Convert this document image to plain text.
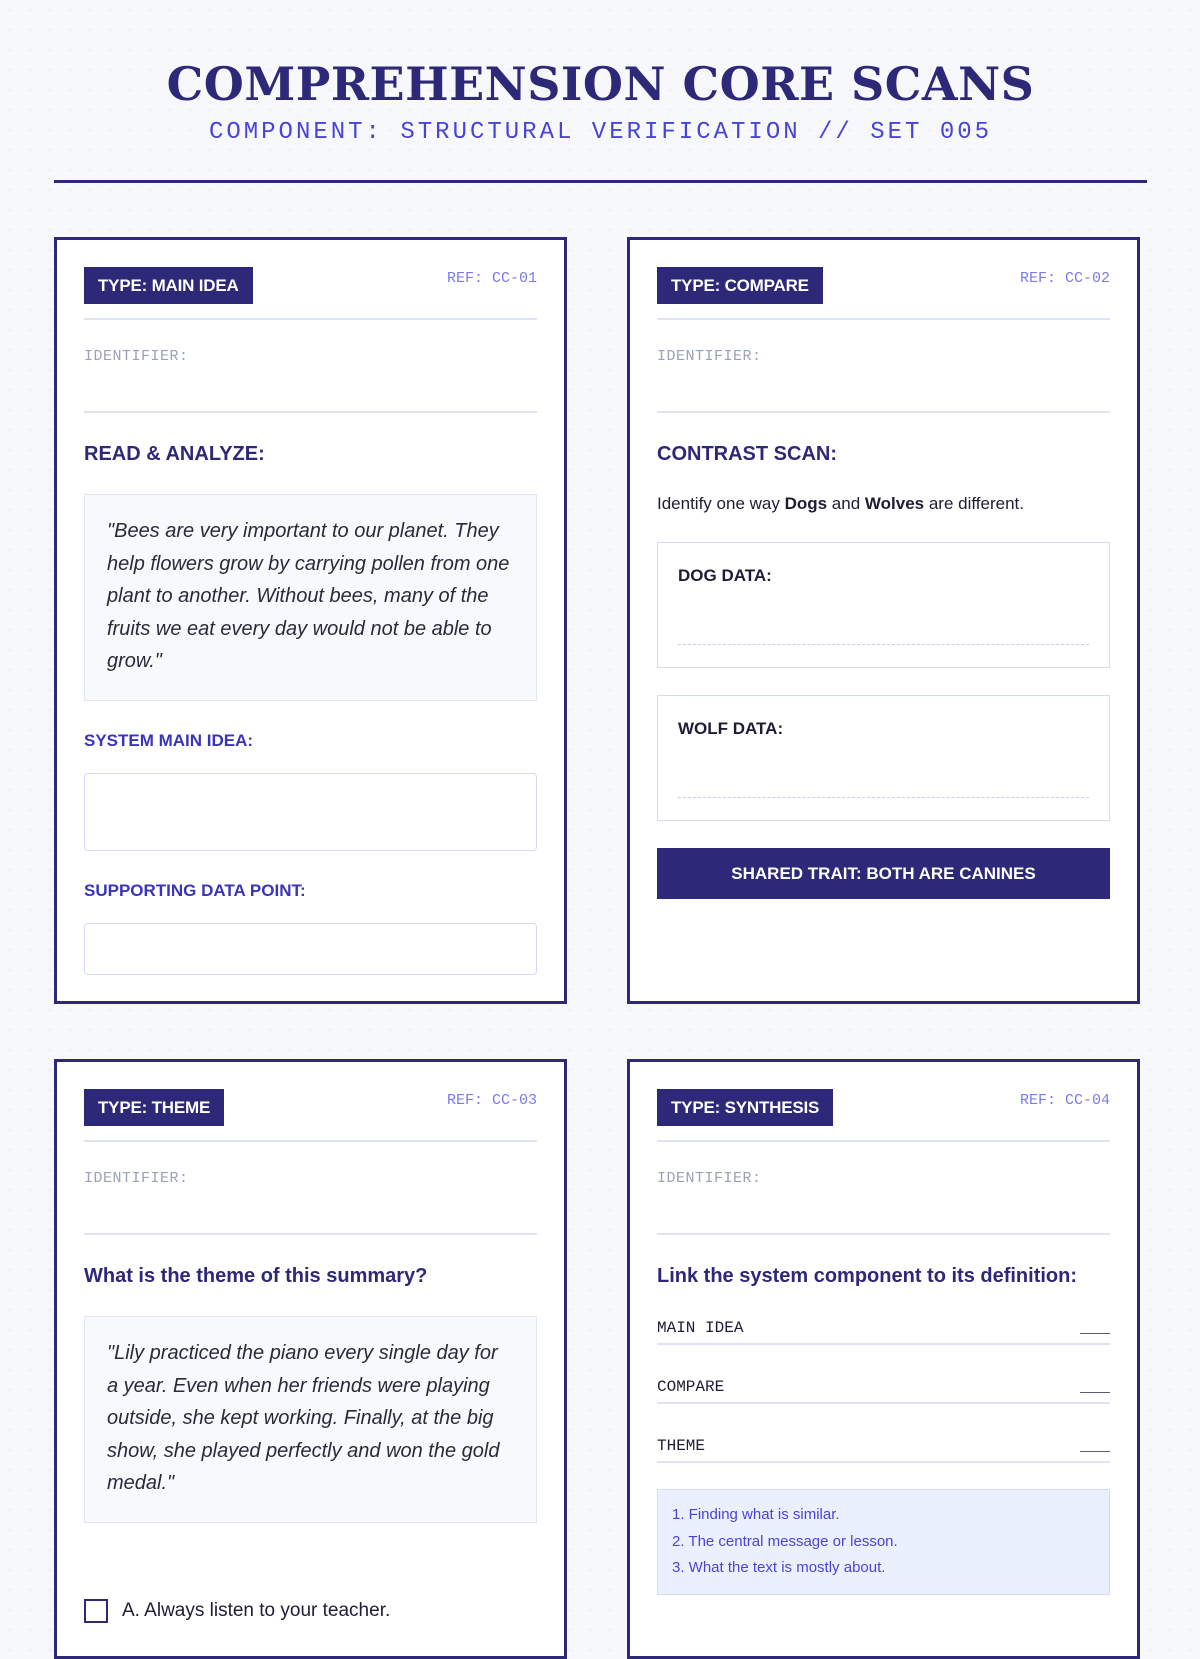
COMPREHENSION CORE SCANS
COMPONENT: STRUCTURAL VERIFICATION // SET 005
TYPE: MAIN IDEA	REF: CC-01
IDENTIFIER:
READ & ANALYZE:
"Bees are very important to our planet. They help flowers grow by carrying pollen from one plant to another. Without bees, many of the fruits we eat every day would not be able to grow."
SYSTEM MAIN IDEA:
SUPPORTING DATA POINT:
TYPE: COMPARE	REF: CC-02
IDENTIFIER:
CONTRAST SCAN:
Identify one way Dogs and Wolves are different.
DOG DATA:
WOLF DATA:
SHARED TRAIT: BOTH ARE CANINES
TYPE: THEME	REF: CC-03
IDENTIFIER:
What is the theme of this summary?
"Lily practiced the piano every single day for a year. Even when her friends were playing outside, she kept working. Finally, at the big show, she played perfectly and won the gold medal."
A. Always listen to your teacher.
TYPE: SYNTHESIS	REF: CC-04
IDENTIFIER:
Link the system component to its definition:
MAIN IDEA
COMPARE
THEME
1. Finding what is similar.
2. The central message or lesson.
3. What the text is mostly about.
